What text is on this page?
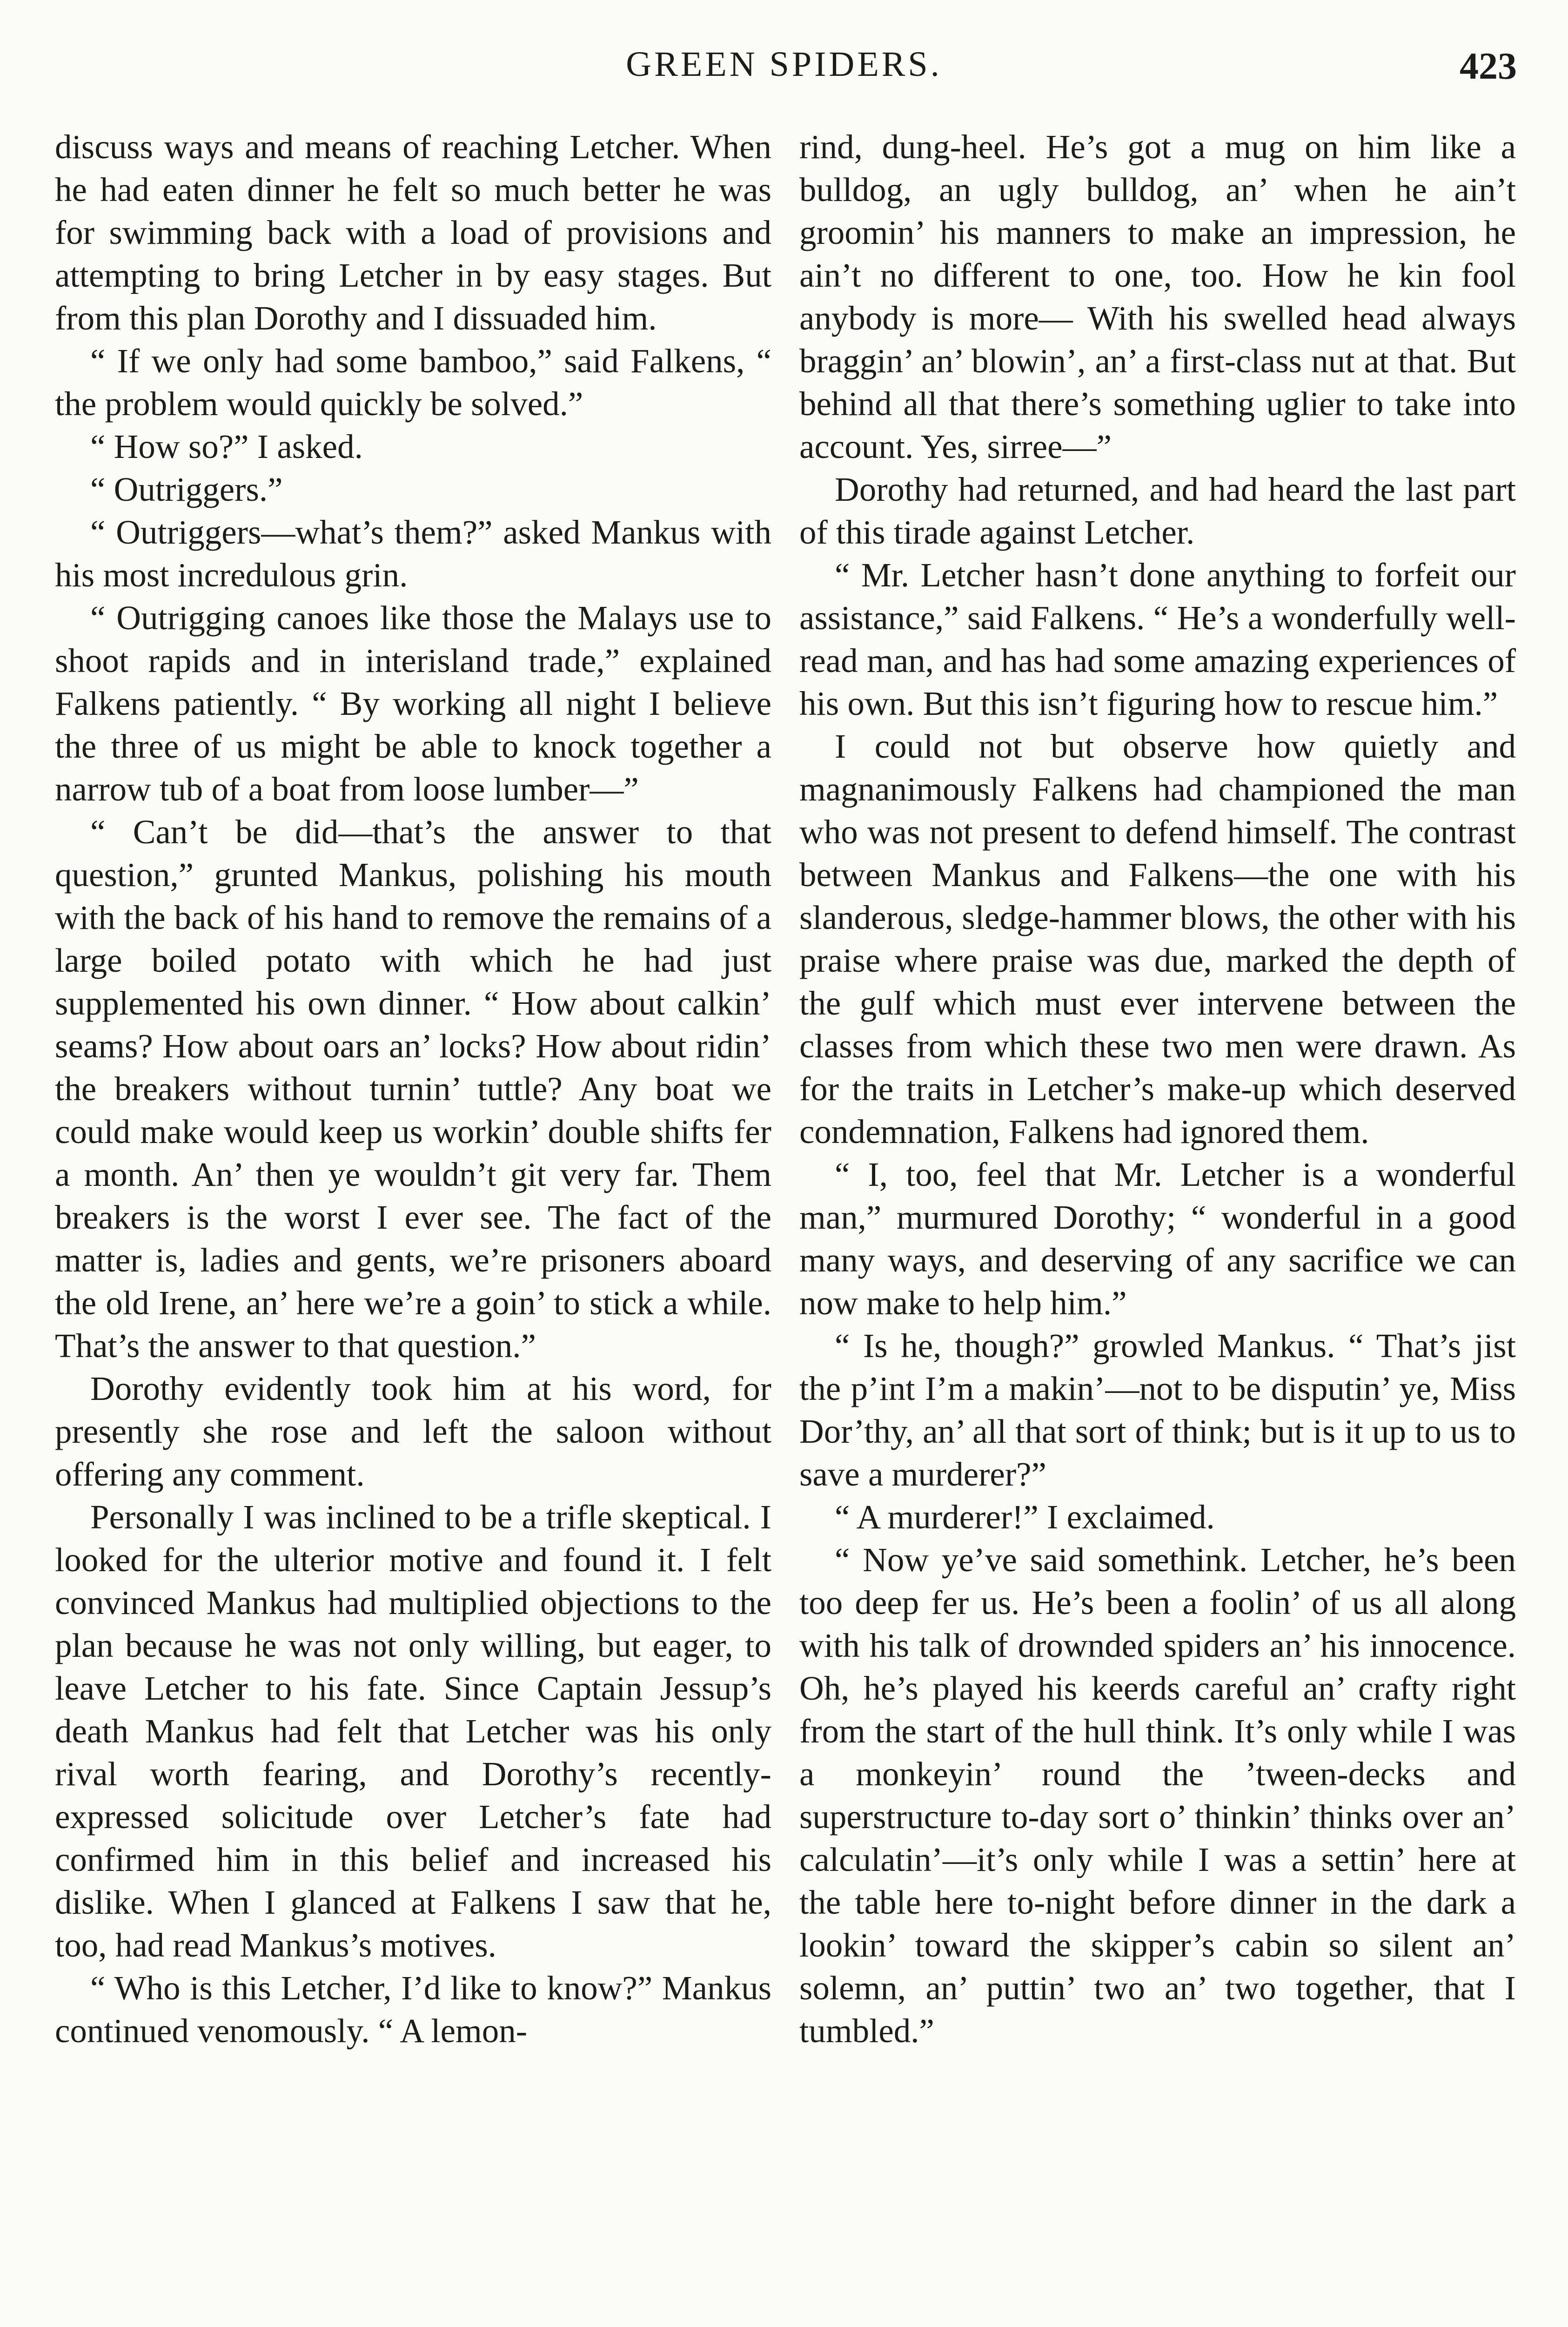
GREEN SPIDERS.	423

discuss ways and means of reaching Letcher. When he had eaten dinner he felt so much better he was for swimming back with a load of provisions and attempting to bring Letcher in by easy stages. But from this plan Dorothy and I dissuaded him.

“ If we only had some bamboo,” said Falkens, “ the problem would quickly be solved.”

“ How so?” I asked.

“ Outriggers.”

“ Outriggers—what’s them?” asked Mankus with his most incredulous grin.

“ Outrigging canoes like those the Malays use to shoot rapids and in interisland trade,” explained Falkens patiently. “ By working all night I believe the three of us might be able to knock together a narrow tub of a boat from loose lumber—”

“ Can’t be did—that’s the answer to that question,” grunted Mankus, polishing his mouth with the back of his hand to remove the remains of a large boiled potato with which he had just supplemented his own dinner. “ How about calkin’ seams? How about oars an’ locks? How about ridin’ the breakers without turnin’ tuttle? Any boat we could make would keep us workin’ double shifts fer a month. An’ then ye wouldn’t git very far. Them breakers is the worst I ever see. The fact of the matter is, ladies and gents, we’re prisoners aboard the old Irene, an’ here we’re a goin’ to stick a while. That’s the answer to that question.”

Dorothy evidently took him at his word, for presently she rose and left the saloon without offering any comment.

Personally I was inclined to be a trifle skeptical. I looked for the ulterior motive and found it. I felt convinced Mankus had multiplied objections to the plan because he was not only willing, but eager, to leave Letcher to his fate. Since Captain Jessup’s death Mankus had felt that Letcher was his only rival worth fearing, and Dorothy’s recently-expressed solicitude over Letcher’s fate had confirmed him in this belief and increased his dislike. When I glanced at Falkens I saw that he, too, had read Mankus’s motives.

“ Who is this Letcher, I’d like to know?” Mankus continued venomously. “ A lemon-

rind, dung-heel. He’s got a mug on him like a bulldog, an ugly bulldog, an’ when he ain’t groomin’ his manners to make an impression, he ain’t no different to one, too. How he kin fool anybody is more— With his swelled head always braggin’ an’ blowin’, an’ a first-class nut at that. But behind all that there’s something uglier to take into account. Yes, sirree—”

Dorothy had returned, and had heard the last part of this tirade against Letcher.

“ Mr. Letcher hasn’t done anything to forfeit our assistance,” said Falkens. “ He’s a wonderfully well-read man, and has had some amazing experiences of his own. But this isn’t figuring how to rescue him.”

I could not but observe how quietly and magnanimously Falkens had championed the man who was not present to defend himself. The contrast between Mankus and Falkens—the one with his slanderous, sledge-hammer blows, the other with his praise where praise was due, marked the depth of the gulf which must ever intervene between the classes from which these two men were drawn. As for the traits in Letcher’s make-up which deserved condemnation, Falkens had ignored them.

“ I, too, feel that Mr. Letcher is a wonderful man,” murmured Dorothy; “ wonderful in a good many ways, and deserving of any sacrifice we can now make to help him.”

“ Is he, though?” growled Mankus. “ That’s jist the p’int I’m a makin’—not to be disputin’ ye, Miss Dor’thy, an’ all that sort of think; but is it up to us to save a murderer?”

“ A murderer!” I exclaimed.

“ Now ye’ve said somethink. Letcher, he’s been too deep fer us. He’s been a foolin’ of us all along with his talk of drownded spiders an’ his innocence. Oh, he’s played his keerds careful an’ crafty right from the start of the hull think. It’s only while I was a monkeyin’ round the ’tween-decks and superstructure to-day sort o’ thinkin’ thinks over an’ calculatin’—it’s only while I was a settin’ here at the table here to-night before dinner in the dark a lookin’ toward the skipper’s cabin so silent an’ solemn, an’ puttin’ two an’ two together, that I tumbled.”
